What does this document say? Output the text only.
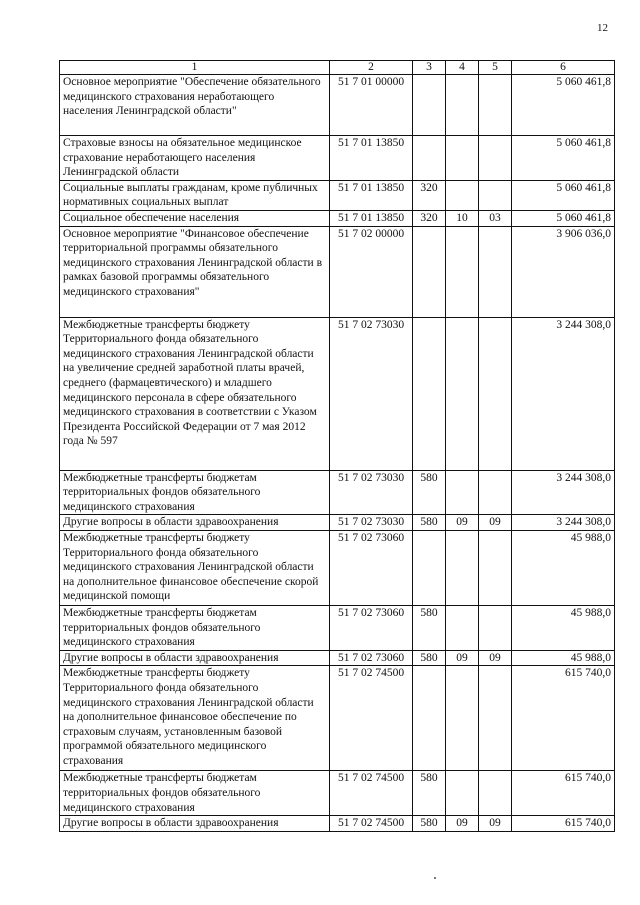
12
1	2	3	4	5	6
Основное мероприятие "Обеспечение обязательного медицинского страхования неработающего населения Ленинградской области"	51 7 01 00000				5 060 461,8
Страховые взносы на обязательное медицинское страхование неработающего населения Ленинградской области	51 7 01 13850				5 060 461,8
Социальные выплаты гражданам, кроме публичных нормативных социальных выплат	51 7 01 13850	320			5 060 461,8
Социальное обеспечение населения	51 7 01 13850	320	10	03	5 060 461,8
Основное мероприятие "Финансовое обеспечение территориальной программы обязательного медицинского страхования Ленинградской области в рамках базовой программы обязательного медицинского страхования"	51 7 02 00000				3 906 036,0
Межбюджетные трансферты бюджету Территориального фонда обязательного медицинского страхования Ленинградской области на увеличение средней заработной платы врачей, среднего (фармацевтического) и младшего медицинского персонала в сфере обязательного медицинского страхования в соответствии с Указом Президента Российской Федерации от 7 мая 2012 года № 597	51 7 02 73030				3 244 308,0
Межбюджетные трансферты бюджетам территориальных фондов обязательного медицинского страхования	51 7 02 73030	580			3 244 308,0
Другие вопросы в области здравоохранения	51 7 02 73030	580	09	09	3 244 308,0
Межбюджетные трансферты бюджету Территориального фонда обязательного медицинского страхования Ленинградской области на дополнительное финансовое обеспечение скорой медицинской помощи	51 7 02 73060				45 988,0
Межбюджетные трансферты бюджетам территориальных фондов обязательного медицинского страхования	51 7 02 73060	580			45 988,0
Другие вопросы в области здравоохранения	51 7 02 73060	580	09	09	45 988,0
Межбюджетные трансферты бюджету Территориального фонда обязательного медицинского страхования Ленинградской области на дополнительное финансовое обеспечение по страховым случаям, установленным базовой программой обязательного медицинского страхования	51 7 02 74500				615 740,0
Межбюджетные трансферты бюджетам территориальных фондов обязательного медицинского страхования	51 7 02 74500	580			615 740,0
Другие вопросы в области здравоохранения	51 7 02 74500	580	09	09	615 740,0
